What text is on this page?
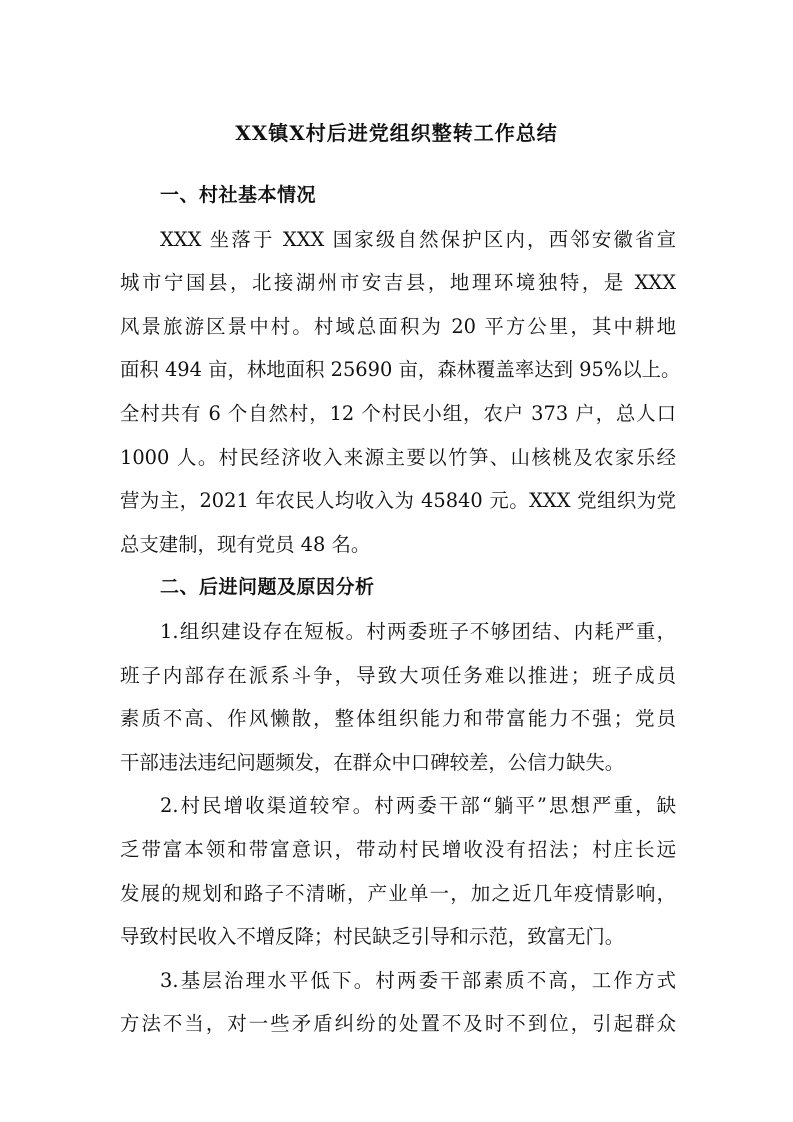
XX镇X村后进党组织整转工作总结

一、村社基本情况

XXX 坐落于 XXX 国家级自然保护区内，西邻安徽省宣
城市宁国县，北接湖州市安吉县，地理环境独特，是 XXX
风景旅游区景中村。村域总面积为 20 平方公里，其中耕地
面积 494 亩，林地面积 25690 亩，森林覆盖率达到 95%以上。
全村共有 6 个自然村，12 个村民小组，农户 373 户，总人口
1000 人。村民经济收入来源主要以竹笋、山核桃及农家乐经
营为主，2021 年农民人均收入为 45840 元。XXX 党组织为党
总支建制，现有党员 48 名。

二、后进问题及原因分析

1.组织建设存在短板。村两委班子不够团结、内耗严重，
班子内部存在派系斗争，导致大项任务难以推进；班子成员
素质不高、作风懒散，整体组织能力和带富能力不强；党员
干部违法违纪问题频发，在群众中口碑较差，公信力缺失。
2.村民增收渠道较窄。村两委干部“躺平”思想严重，缺
乏带富本领和带富意识，带动村民增收没有招法；村庄长远
发展的规划和路子不清晰，产业单一，加之近几年疫情影响，
导致村民收入不增反降；村民缺乏引导和示范，致富无门。
3.基层治理水平低下。村两委干部素质不高，工作方式
方法不当，对一些矛盾纠纷的处置不及时不到位，引起群众
